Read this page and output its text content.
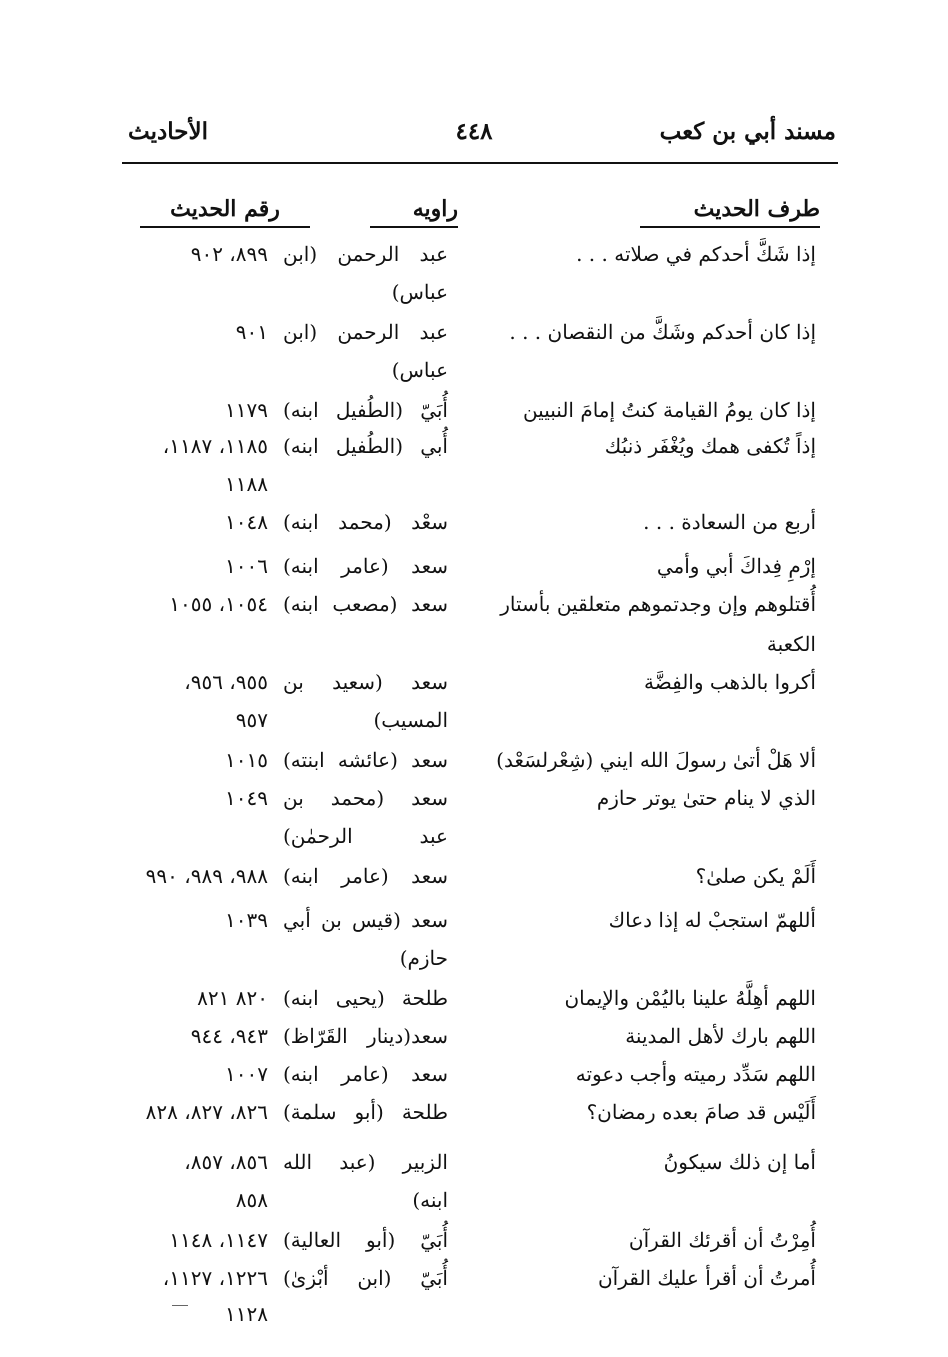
مسند أبي بن كعب
٤٤٨
الأحاديث
طرف الحديث
راويه
رقم الحديث
إذا شَكَّ أحدكم في صلاته . . .
عبد الرحمن (ابن
٨٩٩، ٩٠٢
عباس)
إذا كان أحدكم وشَكَّ من النقصان . . .
عبد الرحمن (ابن
٩٠١
عباس)
إذا كان يومُ القيامة كنتُ إمامَ النبيين
أُبَيّ (الطُفيل ابنه)
١١٧٩
إذاً تُكفى همك ويُغْفَر ذنبُك
أُبي (الطُفيل ابنه)
١١٨٥، ١١٨٧،
١١٨٨
أربع من السعادة . . .
سعْد (محمد ابنه)
١٠٤٨
إرْمِ فِداكَ أبي وأمي
سعد (عامر ابنه)
١٠٠٦
أُقتلوهم وإن وجدتموهم متعلقين بأستار
سعد (مصعب ابنه)
١٠٥٤، ١٠٥٥
الكعبة
أكروا بالذهب والفِضَّة
سعد (سعيد بن
٩٥٥، ٩٥٦،
المسيب)
٩٥٧
ألا هَلْ أتىٰ رسولَ الله ايني (شِعْرلسَعْد)
سعد (عائشه ابنته)
١٠١٥
الذي لا ينام حتىٰ يوتر حازم
سعد (محمد بن
١٠٤٩
عبد الرحمٰن)
أَلَمْ يكن صلىٰ؟
سعد (عامر ابنه)
٩٨٨، ٩٨٩، ٩٩٠
أللهمّ استجبْ له إذا دعاك
سعد (قيس بن أبي
١٠٣٩
حازم)
اللهم أهِلَّهُ علينا باليُمْن والإيمان
طلحة (يحيى ابنه)
٨٢٠ ٨٢١
اللهم بارك لأهل المدينة
سعد(دينار القَرّاظ)
٩٤٣، ٩٤٤
اللهم سَدِّد رميته وأجب دعوته
سعد (عامر ابنه)
١٠٠٧
أَلَيْس قد صامَ بعده رمضان؟
طلحة (أبو سلمة)
٨٢٦، ٨٢٧، ٨٢٨
أما إن ذلك سيكونُ
الزبير (عبد الله
٨٥٦، ٨٥٧،
ابنه)
٨٥٨
أُمِرْتُ أن أقرئك القرآن
أُبَيّ (أبو العالية)
١١٤٧، ١١٤٨
أُمرتُ أن أقرأ عليك القرآن
أُبَيّ (ابن أبْزىٰ)
١٢٢٦، ١١٢٧،
١١٢٨
